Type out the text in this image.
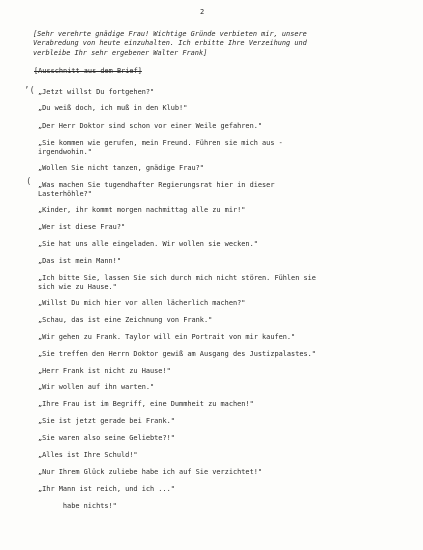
2
[Sehr verehrte gnädige Frau! Wichtige Gründe verbieten mir, unsere
Verabredung von heute einzuhalten. Ich erbitte Ihre Verzeihung und
verbleibe Ihr sehr ergebener Walter Frank]
[Ausschnitt aus dem Brief]
’(
(
„Jetzt willst Du fortgehen?"
„Du weiß doch, ich muß in den Klub!"
„Der Herr Doktor sind schon vor einer Weile gefahren."
„Sie kommen wie gerufen, mein Freund. Führen sie mich aus -
irgendwohin."
„Wollen Sie nicht tanzen, gnädige Frau?"
„Was machen Sie tugendhafter Regierungsrat hier in dieser
Lasterhöhle?"
„Kinder, ihr kommt morgen nachmittag alle zu mir!"
„Wer ist diese Frau?"
„Sie hat uns alle eingeladen. Wir wollen sie wecken."
„Das ist mein Mann!"
„Ich bitte Sie, lassen Sie sich durch mich nicht stören. Fühlen sie
sich wie zu Hause."
„Willst Du mich hier vor allen lächerlich machen?"
„Schau, das ist eine Zeichnung von Frank."
„Wir gehen zu Frank. Taylor will ein Portrait von mir kaufen."
„Sie treffen den Herrn Doktor gewiß am Ausgang des Justizpalastes."
„Herr Frank ist nicht zu Hause!"
„Wir wollen auf ihn warten."
„Ihre Frau ist im Begriff, eine Dummheit zu machen!"
„Sie ist jetzt gerade bei Frank."
„Sie waren also seine Geliebte?!"
„Alles ist Ihre Schuld!"
„Nur Ihrem Glück zuliebe habe ich auf Sie verzichtet!"
„Ihr Mann ist reich, und ich ..."
habe nichts!"
